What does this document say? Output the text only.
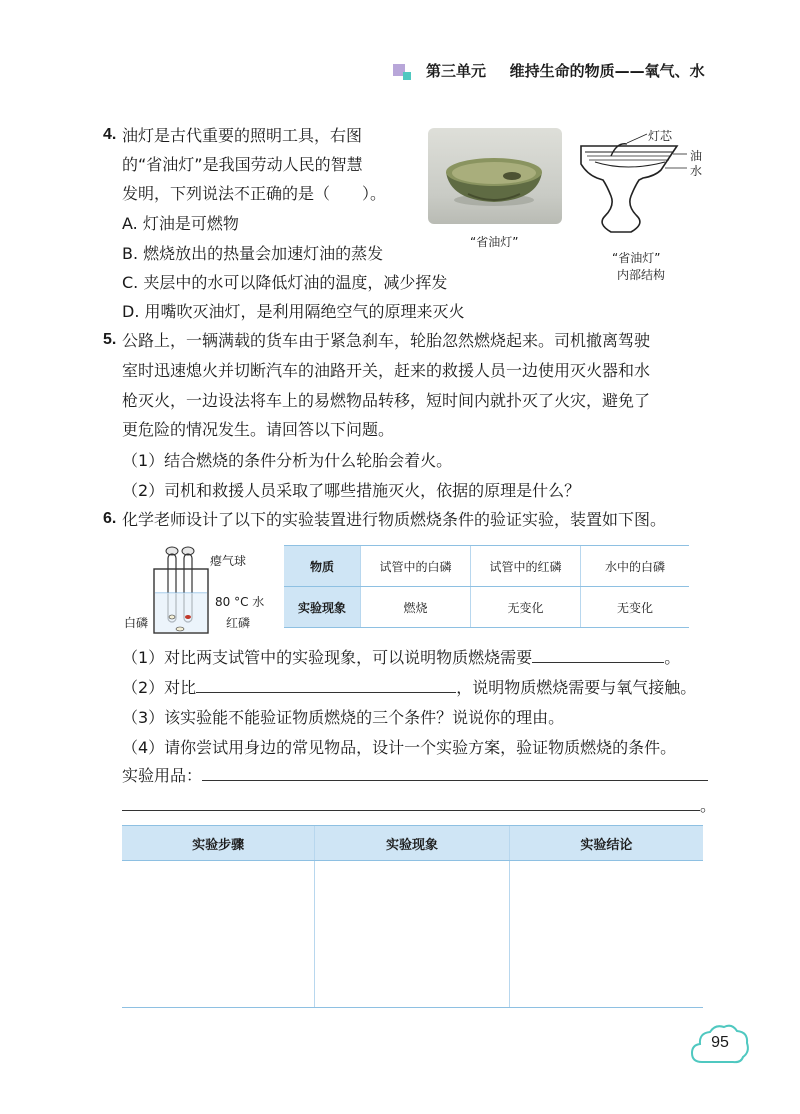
第三单元 维持生命的物质——氧气、水
4. 油灯是古代重要的照明工具，右图
的“省油灯”是我国劳动人民的智慧
发明，下列说法不正确的是（　　）。
A. 灯油是可燃物
B. 燃烧放出的热量会加速灯油的蒸发
C. 夹层中的水可以降低灯油的温度，减少挥发
D. 用嘴吹灭油灯，是利用隔绝空气的原理来灭火
“省油灯”
灯芯
油
水
“省油灯”
内部结构
5. 公路上，一辆满载的货车由于紧急刹车，轮胎忽然燃烧起来。司机撤离驾驶
室时迅速熄火并切断汽车的油路开关，赶来的救援人员一边使用灭火器和水
枪灭火，一边设法将车上的易燃物品转移，短时间内就扑灭了火灾，避免了
更危险的情况发生。请回答以下问题。
（1）结合燃烧的条件分析为什么轮胎会着火。
（2）司机和救援人员采取了哪些措施灭火，依据的原理是什么？
6. 化学老师设计了以下的实验装置进行物质燃烧条件的验证实验，装置如下图。
瘪气球
80 °C 水
白磷	红磷
物质	试管中的白磷	试管中的红磷	水中的白磷
实验现象	燃烧	无变化	无变化
（1）对比两支试管中的实验现象，可以说明物质燃烧需要	。
（2）对比	，说明物质燃烧需要与氧气接触。
（3）该实验能不能验证物质燃烧的三个条件？说说你的理由。
（4）请你尝试用身边的常见物品，设计一个实验方案，验证物质燃烧的条件。
实验用品：
。
实验步骤	实验现象	实验结论

95
